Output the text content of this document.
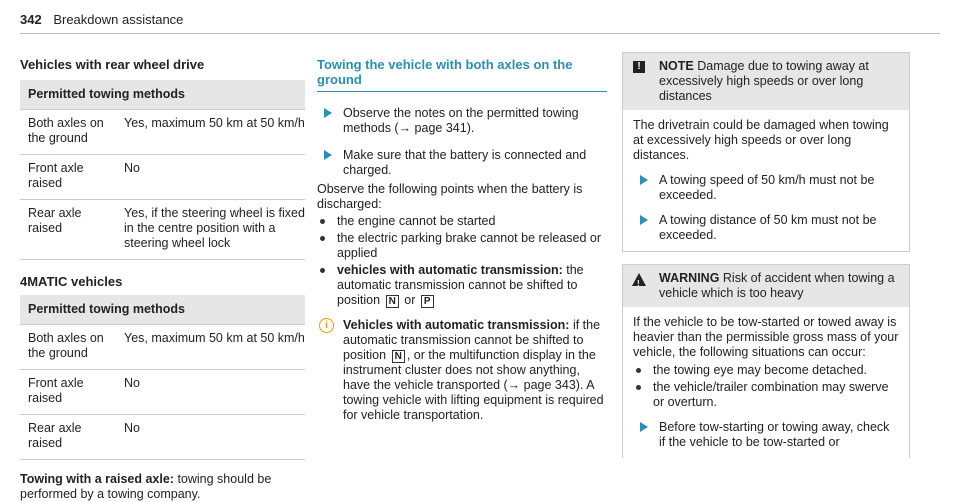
342 Breakdown assistance
Vehicles with rear wheel drive
Permitted towing methods	
Both axles on the ground	Yes, maximum 50 km at 50 km/h
Front axle raised	No
Rear axle raised	Yes, if the steering wheel is fixed in the centre position with a steering wheel lock
4MATIC vehicles
Permitted towing methods	
Both axles on the ground	Yes, maximum 50 km at 50 km/h
Front axle raised	No
Rear axle raised	No

Towing with a raised axle: towing should be performed by a towing company.

Towing the vehicle with both axles on the ground
Observe the notes on the permitted towing methods (→ page 341).
Make sure that the battery is connected and charged.
Observe the following points when the battery is discharged:
the engine cannot be started
the electric parking brake cannot be released or applied
vehicles with automatic transmission: the automatic transmission cannot be shifted to position N or P
i	Vehicles with automatic transmission: if the automatic transmission cannot be shifted to position N , or the multifunction display in the instrument cluster does not show anything, have the vehicle transported (→ page 343). A towing vehicle with lifting equipment is required for vehicle transportation.
!	NOTE Damage due to towing away at excessively high speeds or over long distances
The drivetrain could be damaged when towing at excessively high speeds or over long distances.
A towing speed of 50 km/h must not be exceeded.
A towing distance of 50 km must not be exceeded.
! WARNING Risk of accident when towing a vehicle which is too heavy
If the vehicle to be tow-started or towed away is heavier than the permissible gross mass of your vehicle, the following situations can occur:
the towing eye may become detached.
the vehicle/trailer combination may swerve or overturn.
Before tow-starting or towing away, check if the vehicle to be tow-started or
